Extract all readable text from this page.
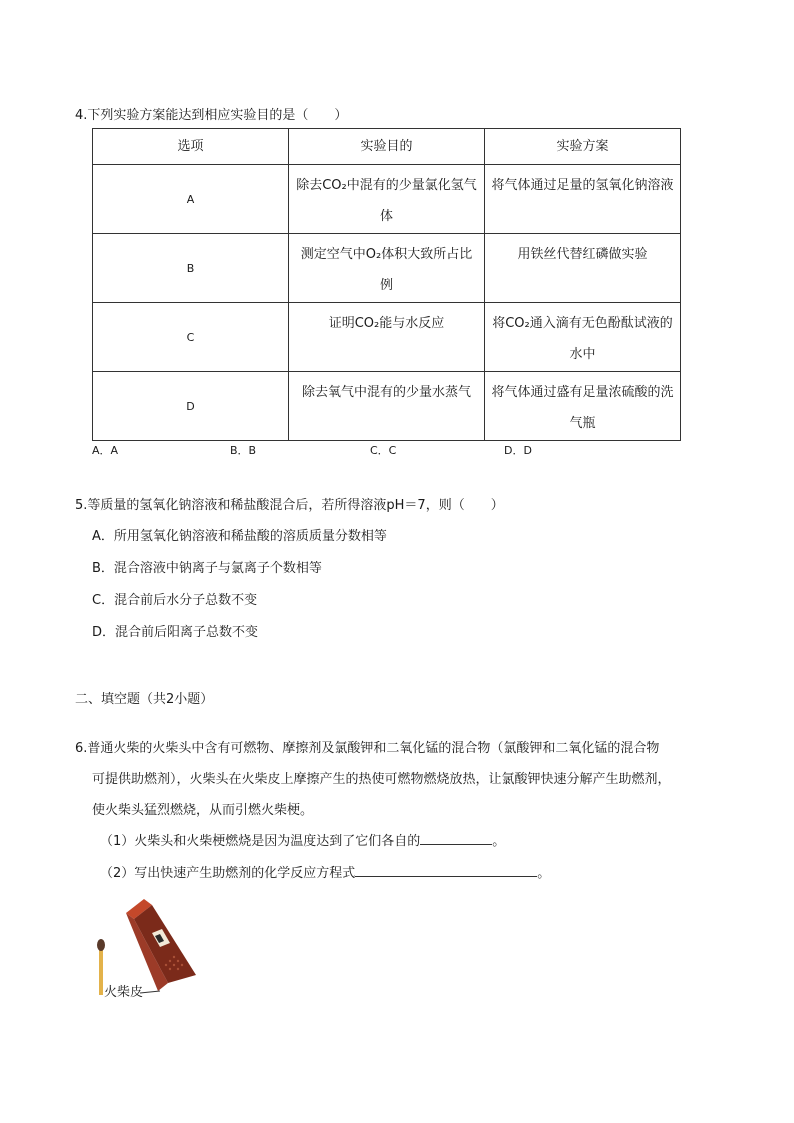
4.下列实验方案能达到相应实验目的是（　　）
选项	实验目的	实验方案
A	除去CO₂中混有的少量氯化氢气体	将气体通过足量的氢氧化钠溶液

B	测定空气中O₂体积大致所占比例	用铁丝代替红磷做实验

C	证明CO₂能与水反应	将CO₂通入滴有无色酚酞试液的水中

D	除去氧气中混有的少量水蒸气	将气体通过盛有足量浓硫酸的洗气瓶
A．A	B．B	C．C	D．D
5.等质量的氢氧化钠溶液和稀盐酸混合后，若所得溶液pH＝7，则（　　）
A．所用氢氧化钠溶液和稀盐酸的溶质质量分数相等
B．混合溶液中钠离子与氯离子个数相等
C．混合前后水分子总数不变
D．混合前后阳离子总数不变
二、填空题（共2小题）
6.普通火柴的火柴头中含有可燃物、摩擦剂及氯酸钾和二氧化锰的混合物（氯酸钾和二氧化锰的混合物
可提供助燃剂），火柴头在火柴皮上摩擦产生的热使可燃物燃烧放热，让氯酸钾快速分解产生助燃剂，
使火柴头猛烈燃烧，从而引燃火柴梗。
（1）火柴头和火柴梗燃烧是因为温度达到了它们各自的	。
（2）写出快速产生助燃剂的化学反应方程式	。
火柴皮
